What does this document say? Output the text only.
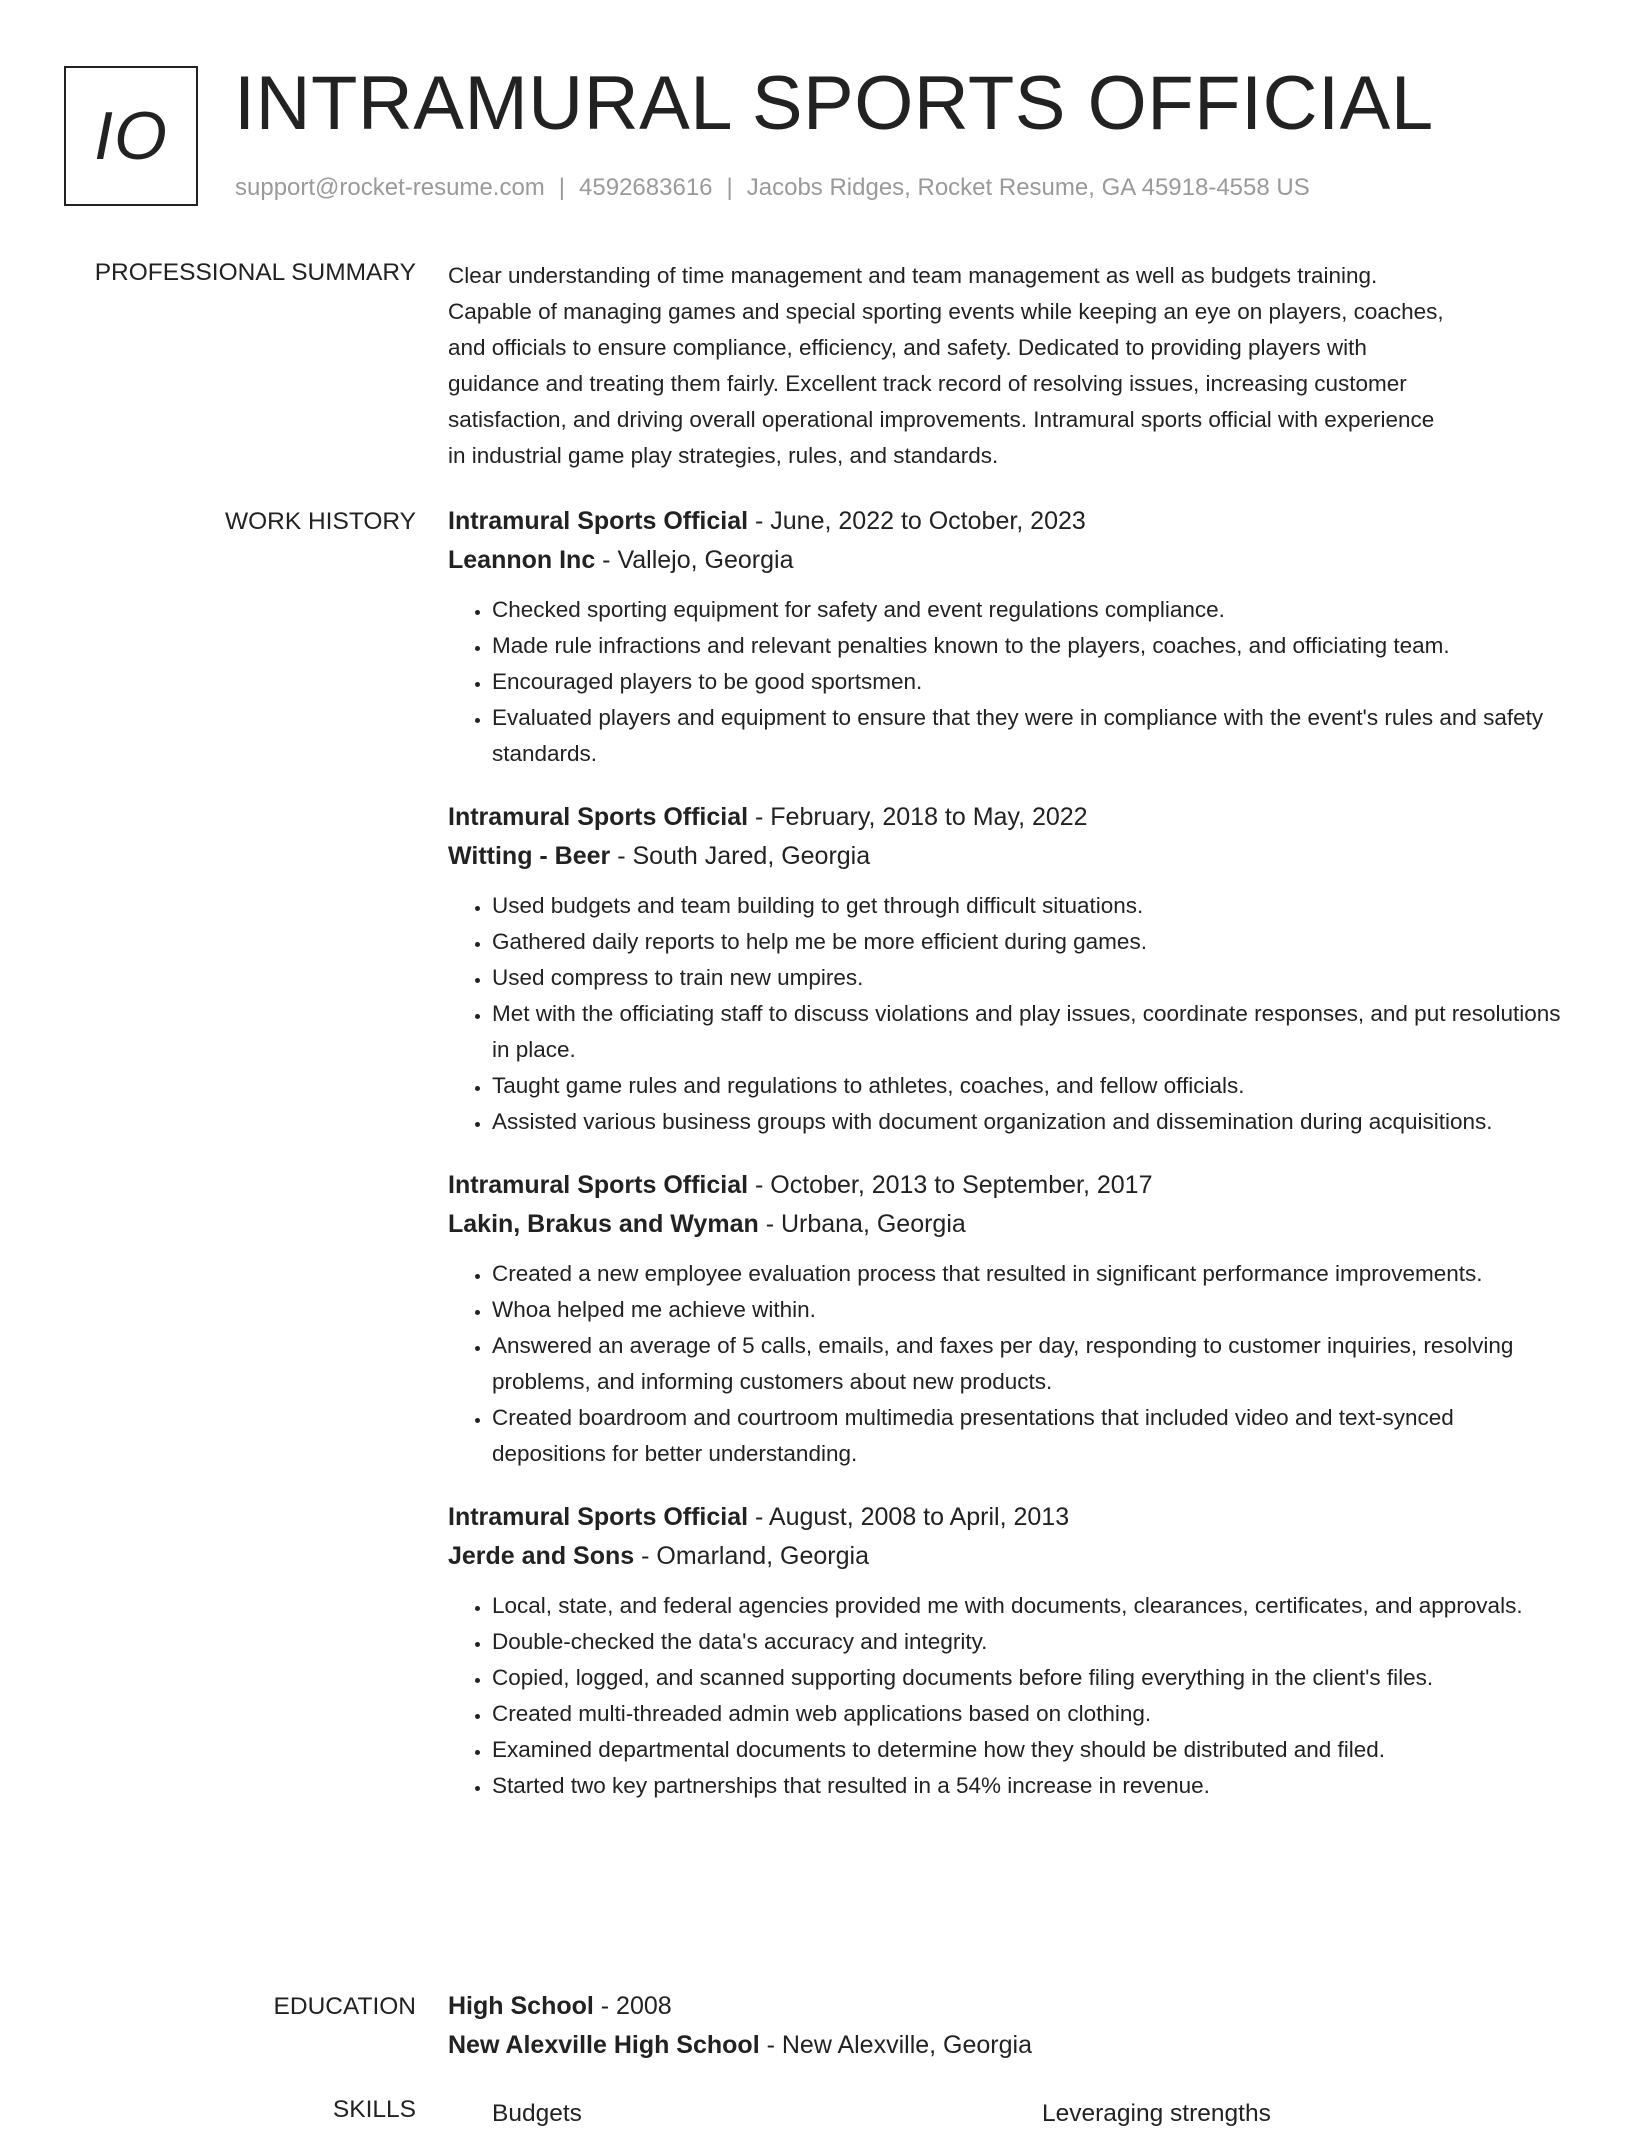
IO INTRAMURAL SPORTS OFFICIAL
support@rocket-resume.com | 4592683616 | Jacobs Ridges, Rocket Resume, GA 45918-4558 US
PROFESSIONAL SUMMARY Clear understanding of time management and team management as well as budgets training.
Capable of managing games and special sporting events while keeping an eye on players, coaches,
and officials to ensure compliance, efficiency, and safety. Dedicated to providing players with
guidance and treating them fairly. Excellent track record of resolving issues, increasing customer
satisfaction, and driving overall operational improvements. Intramural sports official with experience
in industrial game play strategies, rules, and standards.
WORK HISTORY Intramural Sports Official - June, 2022 to October, 2023
Leannon Inc - Vallejo, Georgia
• Checked sporting equipment for safety and event regulations compliance.
• Made rule infractions and relevant penalties known to the players, coaches, and officiating team.
• Encouraged players to be good sportsmen.
• Evaluated players and equipment to ensure that they were in compliance with the event's rules and safety standards.
Intramural Sports Official - February, 2018 to May, 2022
Witting - Beer - South Jared, Georgia
• Used budgets and team building to get through difficult situations.
• Gathered daily reports to help me be more efficient during games.
• Used compress to train new umpires.
• Met with the officiating staff to discuss violations and play issues, coordinate responses, and put resolutions in place.
• Taught game rules and regulations to athletes, coaches, and fellow officials.
• Assisted various business groups with document organization and dissemination during acquisitions.
Intramural Sports Official - October, 2013 to September, 2017
Lakin, Brakus and Wyman - Urbana, Georgia
• Created a new employee evaluation process that resulted in significant performance improvements.
• Whoa helped me achieve within.
• Answered an average of 5 calls, emails, and faxes per day, responding to customer inquiries, resolving problems, and informing customers about new products.
• Created boardroom and courtroom multimedia presentations that included video and text-synced depositions for better understanding.
Intramural Sports Official - August, 2008 to April, 2013
Jerde and Sons - Omarland, Georgia
• Local, state, and federal agencies provided me with documents, clearances, certificates, and approvals.
• Double-checked the data's accuracy and integrity.
• Copied, logged, and scanned supporting documents before filing everything in the client's files.
• Created multi-threaded admin web applications based on clothing.
• Examined departmental documents to determine how they should be distributed and filed.
• Started two key partnerships that resulted in a 54% increase in revenue.
EDUCATION High School - 2008
New Alexville High School - New Alexville, Georgia
SKILLS	Budgets	Leveraging strengths
